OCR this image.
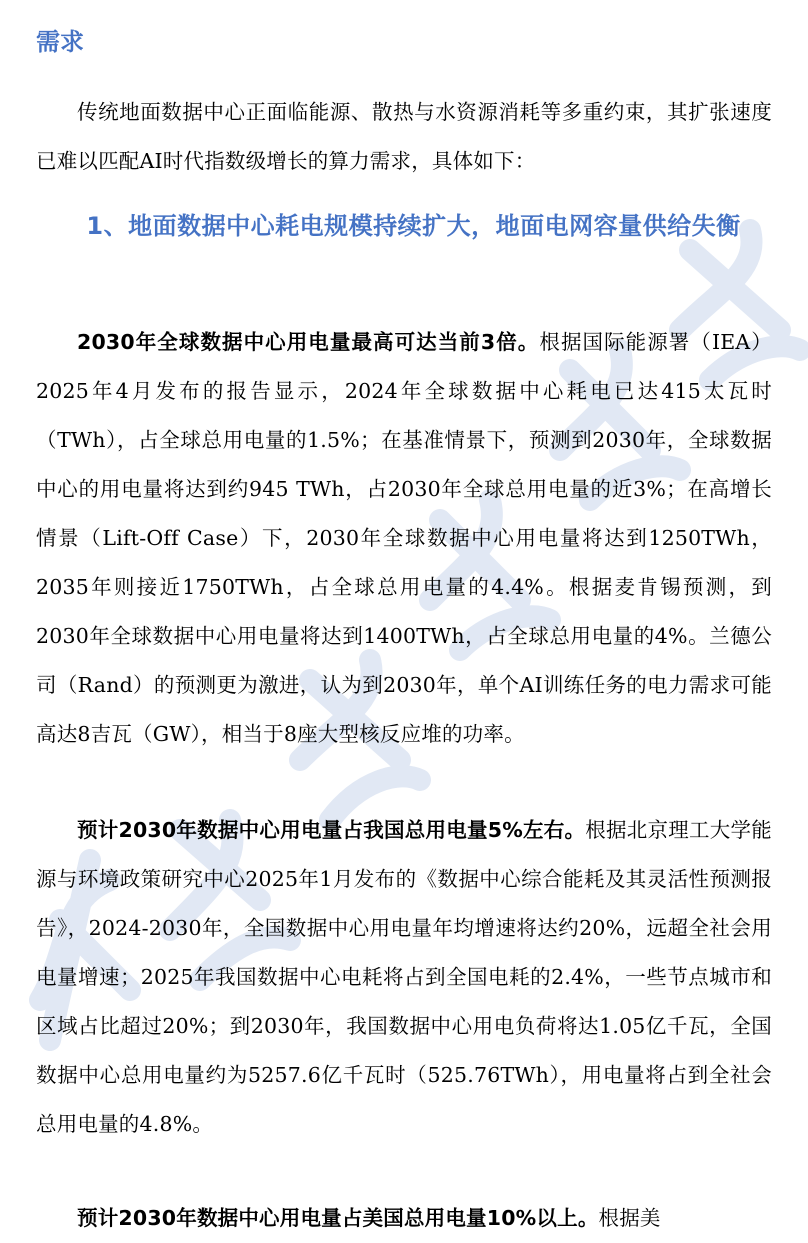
需求

传统地面数据中心正面临能源、散热与水资源消耗等多重约束，其扩张速度已难以匹配AI时代指数级增长的算力需求，具体如下：

1、地面数据中心耗电规模持续扩大，地面电网容量供给失衡

2030年全球数据中心用电量最高可达当前3倍。根据国际能源署（IEA）2025年4月发布的报告显示，2024年全球数据中心耗电已达415太瓦时（TWh），占全球总用电量的1.5%；在基准情景下，预测到2030年，全球数据中心的用电量将达到约945 TWh，占2030年全球总用电量的近3%；在高增长情景（Lift-Off Case）下，2030年全球数据中心用电量将达到1250TWh，2035年则接近1750TWh，占全球总用电量的4.4%。根据麦肯锡预测，到2030年全球数据中心用电量将达到1400TWh，占全球总用电量的4%。兰德公司（Rand）的预测更为激进，认为到2030年，单个AI训练任务的电力需求可能高达8吉瓦（GW），相当于8座大型核反应堆的功率。

预计2030年数据中心用电量占我国总用电量5%左右。根据北京理工大学能源与环境政策研究中心2025年1月发布的《数据中心综合能耗及其灵活性预测报告》，2024-2030年，全国数据中心用电量年均增速将达约20%，远超全社会用电量增速；2025年我国数据中心电耗将占到全国电耗的2.4%，一些节点城市和区域占比超过20%；到2030年，我国数据中心用电负荷将达1.05亿千瓦，全国数据中心总用电量约为5257.6亿千瓦时（525.76TWh），用电量将占到全社会总用电量的4.8%。

预计2030年数据中心用电量占美国总用电量10%以上。根据美
